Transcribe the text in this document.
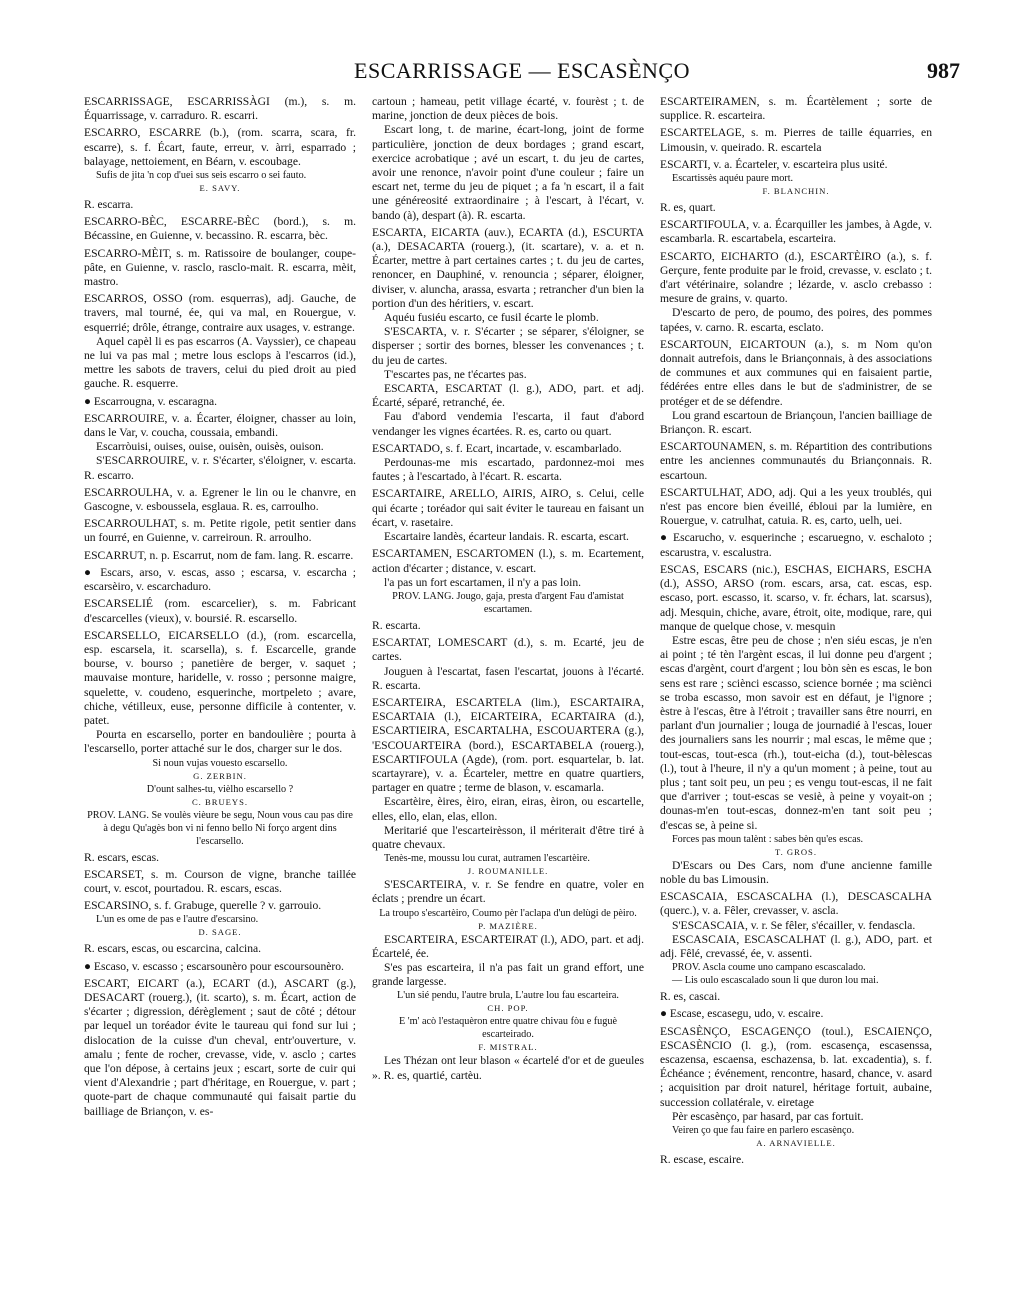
ESCARRISSAGE — ESCASÈNÇO	987

ESCARRISSAGE, ESCARRISSÀGI (m.), s. m. Équarrissage, v. carraduro. R. escarri.

ESCARRO, ESCARRE (b.), (rom. scarra, scara, fr. escarre), s. f. Écart, faute, erreur, v. àrri, esparrado ; balayage, nettoiement, en Béarn, v. escoubage.

Sufis de jita 'n cop d'uei sus seis escarro o sei fauto.

E. SAVY.

R. escarra.

ESCARRO-BÈC, ESCARRE-BÈC (bord.), s. m. Bécassine, en Guienne, v. becassino. R. escarra, bèc.

ESCARRO-MÈIT, s. m. Ratissoire de boulanger, coupe-pâte, en Guienne, v. rasclo, rasclo-mait. R. escarra, mèit, mastro.

ESCARROS, OSSO (rom. esquerras), adj. Gauche, de travers, mal tourné, ée, qui va mal, en Rouergue, v. esquerrié; drôle, étrange, contraire aux usages, v. estrange.

Aquel capèl li es pas escarros (A. Vayssier), ce chapeau ne lui va pas mal ; metre lous esclops à l'escarros (id.), mettre les sabots de travers, celui du pied droit au pied gauche. R. esquerre.

● Escarrougna, v. escaragna.

ESCARROUIRE, v. a. Écarter, éloigner, chasser au loin, dans le Var, v. coucha, coussaia, embandi.

Escarròuisi, ouises, ouise, ouisèn, ouisès, ouison.

S'ESCARROUIRE, v. r. S'écarter, s'éloigner, v. escarta. R. escarro.

ESCARROULHA, v. a. Egrener le lin ou le chanvre, en Gascogne, v. esboussela, esglaua. R. es, carroulho.

ESCARROULHAT, s. m. Petite rigole, petit sentier dans un fourré, en Guienne, v. carreiroun. R. arroulho.

ESCARRUT, n. p. Escarrut, nom de fam. lang. R. escarre.

● Escars, arso, v. escas, asso ; escarsa, v. escarcha ; escarsèiro, v. escarchaduro.

ESCARSELIÉ (rom. escarcelier), s. m. Fabricant d'escarcelles (vieux), v. boursié. R. escarsello.

ESCARSELLO, EICARSELLO (d.), (rom. escarcella, esp. escarsela, it. scarsella), s. f. Escarcelle, grande bourse, v. bourso ; panetière de berger, v. saquet ; mauvaise monture, haridelle, v. rosso ; personne maigre, squelette, v. coudeno, esquerinche, mortpeleto ; avare, chiche, vétilleux, euse, personne difficile à contenter, v. patet.

Pourta en escarsello, porter en bandoulière ; pourta à l'escarsello, porter attaché sur le dos, charger sur le dos.

Si noun vujas vouesto escarsello.

G. ZERBIN.

D'ount salhes-tu, vièlho escarsello ?

C. BRUEYS.

PROV. LANG. Se voulès vièure be segu, Noun vous cau pas dire à degu Qu'agès bon vi ni fenno bello Ni forço argent dins l'escarsello.

R. escars, escas.

ESCARSET, s. m. Courson de vigne, branche taillée court, v. escot, pourtadou. R. escars, escas.

ESCARSINO, s. f. Grabuge, querelle ? v. garrouio.

L'un es ome de pas e l'autre d'escarsino.

D. SAGE.

R. escars, escas, ou escarcina, calcina.

● Escaso, v. escasso ; escarsounèro pour escoursounèro.

ESCART, EICART (a.), ECART (d.), ASCART (g.), DESACART (rouerg.), (it. scarto), s. m. Écart, action de s'écarter ; digression, dérèglement ; saut de côté ; détour par lequel un toréador évite le taureau qui fond sur lui ; dislocation de la cuisse d'un cheval, entr'ouverture, v. amalu ; fente de rocher, crevasse, vide, v. asclo ; cartes que l'on dépose, à certains jeux ; escart, sorte de cuir qui vient d'Alexandrie ; part d'héritage, en Rouergue, v. part ; quote-part de chaque communauté qui faisait partie du bailliage de Briançon, v. es-

cartoun ; hameau, petit village écarté, v. fourèst ; t. de marine, jonction de deux pièces de bois.

Escart long, t. de marine, écart-long, joint de forme particulière, jonction de deux bordages ; grand escart, exercice acrobatique ; avé un escart, t. du jeu de cartes, avoir une renonce, n'avoir point d'une couleur ; faire un escart net, terme du jeu de piquet ; a fa 'n escart, il a fait une généreosité extraordinaire ; à l'escart, à l'écart, v. bando (à), despart (à). R. escarta.

ESCARTA, EICARTA (auv.), ECARTA (d.), ESCURTA (a.), DESACARTA (rouerg.), (it. scartare), v. a. et n. Écarter, mettre à part certaines cartes ; t. du jeu de cartes, renoncer, en Dauphiné, v. renouncia ; séparer, éloigner, diviser, v. aluncha, arassa, esvarta ; retrancher d'un bien la portion d'un des héritiers, v. escart.

Aquéu fusiéu escarto, ce fusil écarte le plomb.

S'ESCARTA, v. r. S'écarter ; se séparer, s'éloigner, se disperser ; sortir des bornes, blesser les convenances ; t. du jeu de cartes.

T'escartes pas, ne t'écartes pas.

ESCARTA, ESCARTAT (l. g.), ADO, part. et adj. Écarté, séparé, retranché, ée.

Fau d'abord vendemia l'escarta, il faut d'abord vendanger les vignes écartées. R. es, carto ou quart.

ESCARTADO, s. f. Ecart, incartade, v. escambarlado.

Perdounas-me mis escartado, pardonnez-moi mes fautes ; à l'escartado, à l'écart. R. escarta.

ESCARTAIRE, ARELLO, AIRIS, AIRO, s. Celui, celle qui écarte ; toréador qui sait éviter le taureau en faisant un écart, v. rasetaire.

Escartaire landès, écarteur landais. R. escarta, escart.

ESCARTAMEN, ESCARTOMEN (l.), s. m. Ecartement, action d'écarter ; distance, v. escart.

l'a pas un fort escartamen, il n'y a pas loin.

PROV. LANG. Jougo, gaja, presta d'argent Fau d'amistat escartamen.

R. escarta.

ESCARTAT, LOMESCART (d.), s. m. Ecarté, jeu de cartes.

Jouguen à l'escartat, fasen l'escartat, jouons à l'écarté. R. escarta.

ESCARTEIRA, ESCARTELA (lim.), ESCARTAIRA, ESCARTAIA (l.), EICARTEIRA, ECARTAIRA (d.), ESCARTIEIRA, ESCARTALHA, ESCOUARTERA (g.), 'ESCOUARTEIRA (bord.), ESCARTABELA (rouerg.), ESCARTIFOULA (Agde), (rom. port. esquartelar, b. lat. scartayrare), v. a. Écarteler, mettre en quatre quartiers, partager en quatre ; terme de blason, v. escamarla.

Escartèire, èires, èiro, eiran, eiras, èiron, ou escartelle, elles, ello, elan, elas, ellon.

Meritarié que l'escarteirèsson, il mériterait d'être tiré à quatre chevaux.

Tenès-me, moussu lou curat, autramen l'escartèire.

J. ROUMANILLE.

S'ESCARTEIRA, v. r. Se fendre en quatre, voler en éclats ; prendre un écart.

La troupo s'escartèiro, Coumo pèr l'aclapa d'un delùgi de pèiro.

P. MAZIÈRE.

ESCARTEIRA, ESCARTEIRAT (l.), ADO, part. et adj. Écartelé, ée.

S'es pas escarteira, il n'a pas fait un grand effort, une grande largesse.

L'un sié pendu, l'autre brula, L'autre lou fau escarteira.

CH. POP.

E 'm' acò l'estaquèron entre quatre chivau fòu e fuguè escarteirado.

F. MISTRAL.

Les Thézan ont leur blason « écartelé d'or et de gueules ». R. es, quartié, cartèu.

ESCARTEIRAMEN, s. m. Écartèlement ; sorte de supplice. R. escarteira.

ESCARTELAGE, s. m. Pierres de taille équarries, en Limousin, v. queirado. R. escartela

ESCARTI, v. a. Écarteler, v. escarteira plus usité.

Escartissès aquéu paure mort.

F. BLANCHIN.

R. es, quart.

ESCARTIFOULA, v. a. Écarquiller les jambes, à Agde, v. escambarla. R. escartabela, escarteira.

ESCARTO, EICHARTO (d.), ESCARTÈIRO (a.), s. f. Gerçure, fente produite par le froid, crevasse, v. esclato ; t. d'art vétérinaire, solandre ; lézarde, v. asclo crebasso : mesure de grains, v. quarto.

D'escarto de pero, de poumo, des poires, des pommes tapées, v. carno. R. escarta, esclato.

ESCARTOUN, EICARTOUN (a.), s. m Nom qu'on donnait autrefois, dans le Briançonnais, à des associations de communes et aux communes qui en faisaient partie, fédérées entre elles dans le but de s'administrer, de se protéger et de se défendre.

Lou grand escartoun de Briançoun, l'ancien bailliage de Briançon. R. escart.

ESCARTOUNAMEN, s. m. Répartition des contributions entre les anciennes communautés du Briançonnais. R. escartoun.

ESCARTULHAT, ADO, adj. Qui a les yeux troublés, qui n'est pas encore bien éveillé, ébloui par la lumière, en Rouergue, v. catrulhat, catuia. R. es, carto, uelh, uei.

● Escarucho, v. esquerinche ; escaruegno, v. eschaloto ; escarustra, v. escalustra.

ESCAS, ESCARS (nic.), ESCHAS, EICHARS, ESCHA (d.), ASSO, ARSO (rom. escars, arsa, cat. escas, esp. escaso, port. escasso, it. scarso, v. fr. échars, lat. scarsus), adj. Mesquin, chiche, avare, étroit, oite, modique, rare, qui manque de quelque chose, v. mesquin

Estre escas, être peu de chose ; n'en siéu escas, je n'en ai point ; té tèn l'argènt escas, il lui donne peu d'argent ; escas d'argènt, court d'argent ; lou bòn sèn es escas, le bon sens est rare ; sciènci escasso, science bornée ; ma sciènci se troba escasso, mon savoir est en défaut, je l'ignore ; èstre à l'escas, être à l'étroit ; travailler sans être nourri, en parlant d'un journalier ; louga de journadié à l'escas, louer des journaliers sans les nourrir ; mal escas, le même que ; tout-escas, tout-esca (rh.), tout-eicha (d.), tout-bèlescas (l.), tout à l'heure, il n'y a qu'un moment ; à peine, tout au plus ; tant soit peu, un peu ; es vengu tout-escas, il ne fait que d'arriver ; tout-escas se vesiè, à peine y voyait-on ; dounas-m'en tout-escas, donnez-m'en tant soit peu ; d'escas se, à peine si.

Forces pas moun talènt : sabes bèn qu'es escas.

T. GROS.

D'Escars ou Des Cars, nom d'une ancienne famille noble du bas Limousin.

ESCASCAIA, ESCASCALHA (l.), DESCASCALHA (querc.), v. a. Fêler, crevasser, v. ascla.

S'ESCASCAIA, v. r. Se fêler, s'écailler, v. fendascla.

ESCASCAIA, ESCASCALHAT (l. g.), ADO, part. et adj. Fêlé, crevassé, ée, v. assenti.

PROV. Ascla coume uno campano escascalado.

— Lis oulo escascalado soun li que duron lou mai.

R. es, cascai.

● Escase, escasegu, udo, v. escaire.

ESCASÈNÇO, ESCAGENÇO (toul.), ESCAIENÇO, ESCASÈNCIO (l. g.), (rom. escasença, escasenssa, escazensa, escaensa, eschazensa, b. lat. excadentia), s. f. Échéance ; événement, rencontre, hasard, chance, v. asard ; acquisition par droit naturel, héritage fortuit, aubaine, succession collatérale, v. eiretage

Pèr escasènço, par hasard, par cas fortuit.

Veiren ço que fau faire en parlero escasènço.

A. ARNAVIELLE.

R. escase, escaire.
